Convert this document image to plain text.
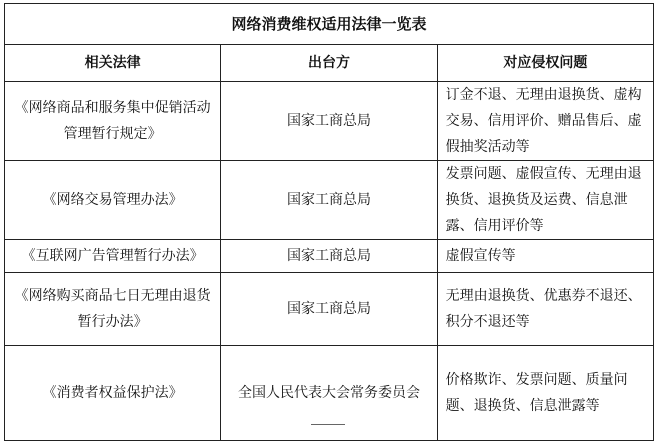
网络消费维权适用法律一览表		
相关法律	出台方	对应侵权问题
《网络商品和服务集中促销活动管理暂行规定》	国家工商总局	订金不退、无理由退换货、虚构交易、信用评价、赠品售后、虚假抽奖活动等
《网络交易管理办法》	国家工商总局	发票问题、虚假宣传、无理由退换货、退换货及运费、信息泄露、信用评价等
《互联网广告管理暂行办法》	国家工商总局	虚假宣传等
《网络购买商品七日无理由退货暂行办法》	国家工商总局	无理由退换货、优惠券不退还、积分不退还等
《消费者权益保护法》	全国人民代表大会常务委员会	价格欺诈、发票问题、质量问题、退换货、信息泄露等
